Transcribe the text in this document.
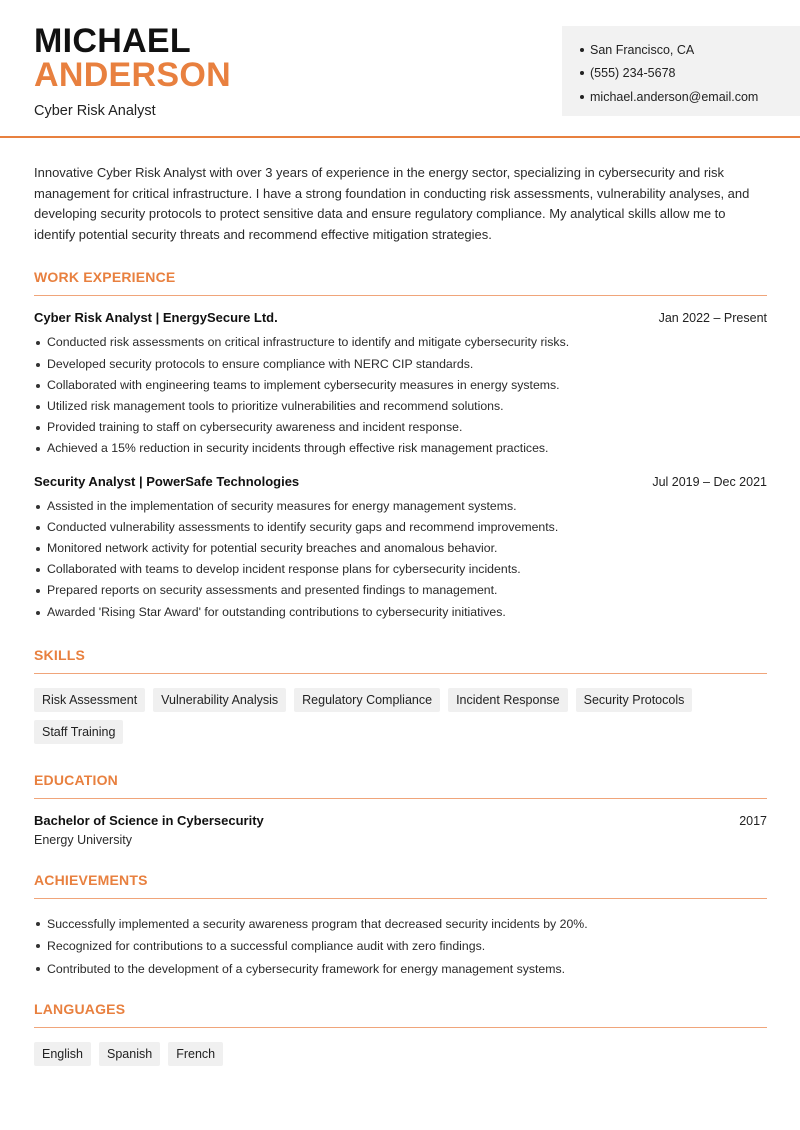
MICHAEL
ANDERSON
Cyber Risk Analyst
San Francisco, CA
(555) 234-5678
michael.anderson@email.com

Innovative Cyber Risk Analyst with over 3 years of experience in the energy sector, specializing in cybersecurity and risk management for critical infrastructure. I have a strong foundation in conducting risk assessments, vulnerability analyses, and developing security protocols to protect sensitive data and ensure regulatory compliance. My analytical skills allow me to identify potential security threats and recommend effective mitigation strategies.

WORK EXPERIENCE
Cyber Risk Analyst | EnergySecure Ltd.	Jan 2022 – Present
Conducted risk assessments on critical infrastructure to identify and mitigate cybersecurity risks.
Developed security protocols to ensure compliance with NERC CIP standards.
Collaborated with engineering teams to implement cybersecurity measures in energy systems.
Utilized risk management tools to prioritize vulnerabilities and recommend solutions.
Provided training to staff on cybersecurity awareness and incident response.
Achieved a 15% reduction in security incidents through effective risk management practices.
Security Analyst | PowerSafe Technologies	Jul 2019 – Dec 2021
Assisted in the implementation of security measures for energy management systems.
Conducted vulnerability assessments to identify security gaps and recommend improvements.
Monitored network activity for potential security breaches and anomalous behavior.
Collaborated with teams to develop incident response plans for cybersecurity incidents.
Prepared reports on security assessments and presented findings to management.
Awarded 'Rising Star Award' for outstanding contributions to cybersecurity initiatives.
SKILLS
Risk Assessment	Vulnerability Analysis	Regulatory Compliance	Incident Response	Security Protocols
Staff Training
EDUCATION
Bachelor of Science in Cybersecurity	2017
Energy University
ACHIEVEMENTS
Successfully implemented a security awareness program that decreased security incidents by 20%.
Recognized for contributions to a successful compliance audit with zero findings.
Contributed to the development of a cybersecurity framework for energy management systems.
LANGUAGES
English	Spanish	French
